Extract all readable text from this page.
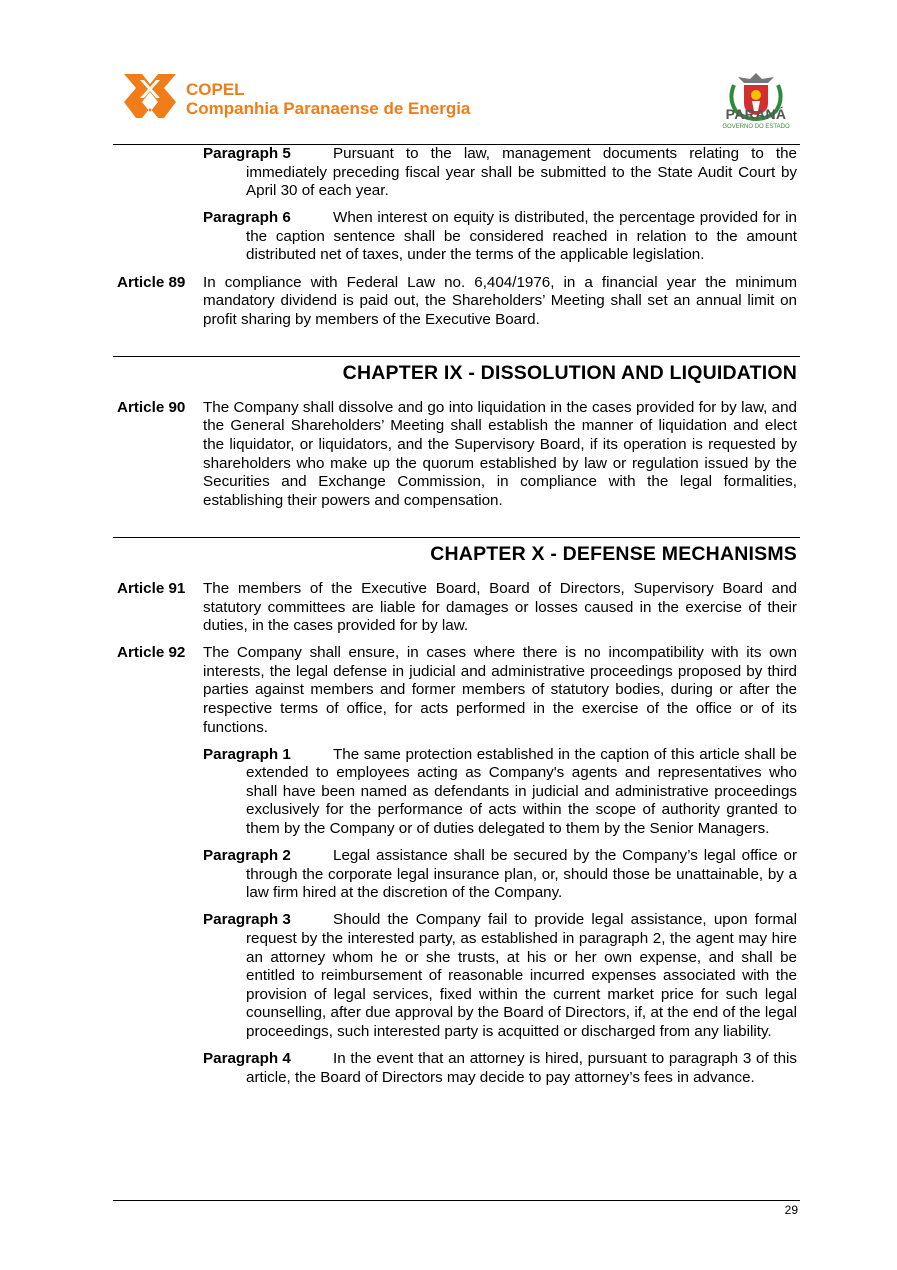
COPEL
Companhia Paranaense de Energia	PARANÁ
GOVERNO DO ESTADO
Paragraph 5	Pursuant to the law, management documents relating to the immediately preceding fiscal year shall be submitted to the State Audit Court by April 30 of each year.
Paragraph 6	When interest on equity is distributed, the percentage provided for in the caption sentence shall be considered reached in relation to the amount distributed net of taxes, under the terms of the applicable legislation.
Article 89 In compliance with Federal Law no. 6,404/1976, in a financial year the minimum mandatory dividend is paid out, the Shareholders’ Meeting shall set an annual limit on profit sharing by members of the Executive Board.
CHAPTER IX - DISSOLUTION AND LIQUIDATION
Article 90 The Company shall dissolve and go into liquidation in the cases provided for by law, and the General Shareholders’ Meeting shall establish the manner of liquidation and elect the liquidator, or liquidators, and the Supervisory Board, if its operation is requested by shareholders who make up the quorum established by law or regulation issued by the Securities and Exchange Commission, in compliance with the legal formalities, establishing their powers and compensation.
CHAPTER X - DEFENSE MECHANISMS
Article 91 The members of the Executive Board, Board of Directors, Supervisory Board and statutory committees are liable for damages or losses caused in the exercise of their duties, in the cases provided for by law.
Article 92 The Company shall ensure, in cases where there is no incompatibility with its own interests, the legal defense in judicial and administrative proceedings proposed by third parties against members and former members of statutory bodies, during or after the respective terms of office, for acts performed in the exercise of the office or of its functions.
Paragraph 1	The same protection established in the caption of this article shall be extended to employees acting as Company's agents and representatives who shall have been named as defendants in judicial and administrative proceedings exclusively for the performance of acts within the scope of authority granted to them by the Company or of duties delegated to them by the Senior Managers.
Paragraph 2	Legal assistance shall be secured by the Company’s legal office or through the corporate legal insurance plan, or, should those be unattainable, by a law firm hired at the discretion of the Company.
Paragraph 3	Should the Company fail to provide legal assistance, upon formal request by the interested party, as established in paragraph 2, the agent may hire an attorney whom he or she trusts, at his or her own expense, and shall be entitled to reimbursement of reasonable incurred expenses associated with the provision of legal services, fixed within the current market price for such legal counselling, after due approval by the Board of Directors, if, at the end of the legal proceedings, such interested party is acquitted or discharged from any liability.
Paragraph 4	In the event that an attorney is hired, pursuant to paragraph 3 of this article, the Board of Directors may decide to pay attorney’s fees in advance.
29
